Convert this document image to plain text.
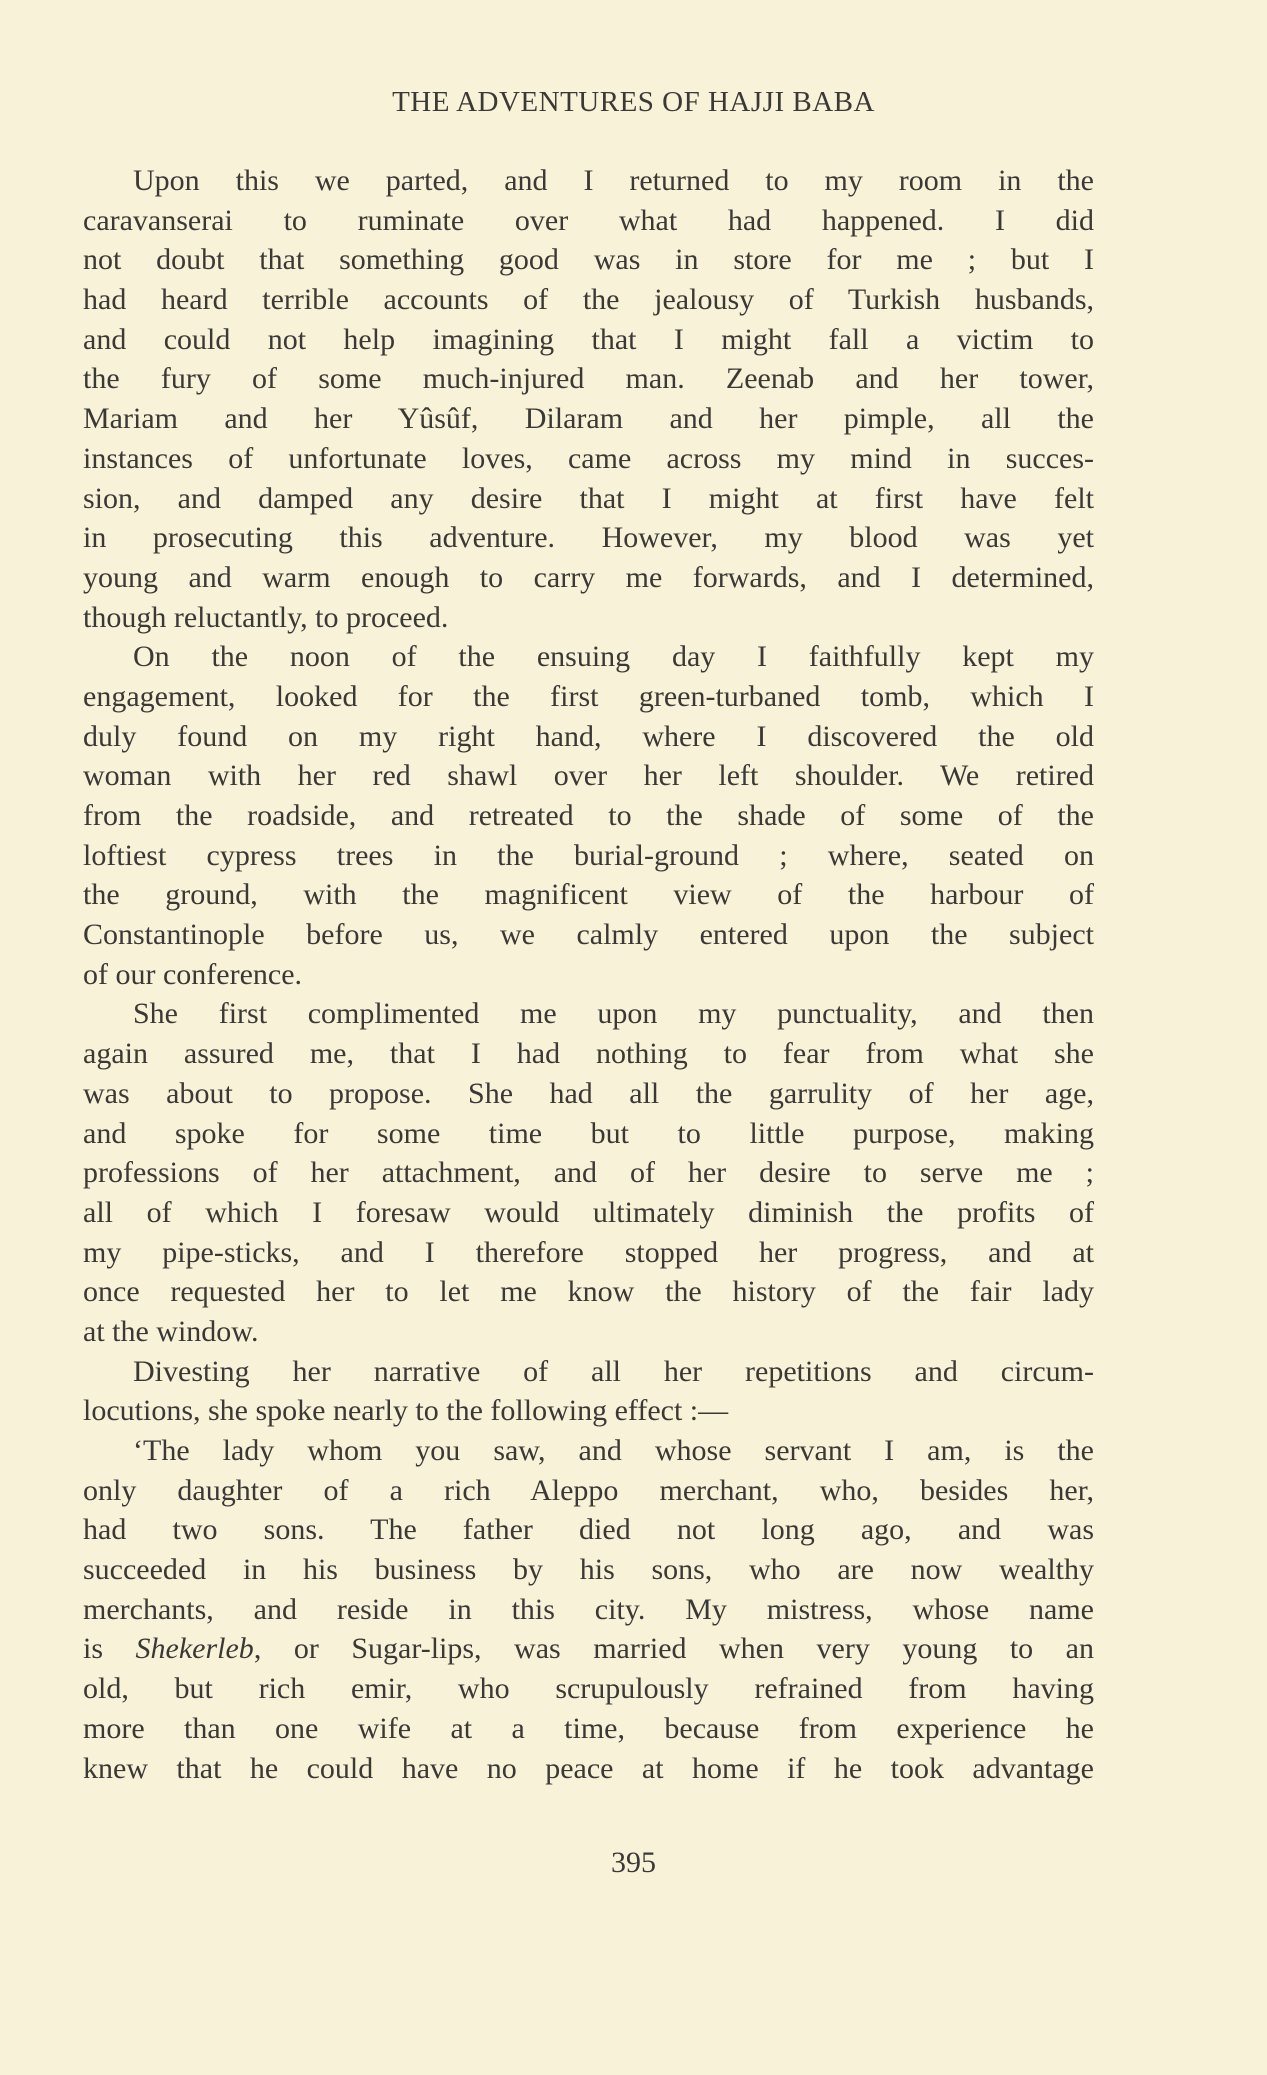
THE ADVENTURES OF HAJJI BABA
Upon this we parted, and I returned to my room in the
caravanserai to ruminate over what had happened. I did
not doubt that something good was in store for me ; but I
had heard terrible accounts of the jealousy of Turkish husbands,
and could not help imagining that I might fall a victim to
the fury of some much-injured man. Zeenab and her tower,
Mariam and her Yûsûf, Dilaram and her pimple, all the
instances of unfortunate loves, came across my mind in succes-
sion, and damped any desire that I might at first have felt
in prosecuting this adventure. However, my blood was yet
young and warm enough to carry me forwards, and I determined,
though reluctantly, to proceed.
On the noon of the ensuing day I faithfully kept my
engagement, looked for the first green-turbaned tomb, which I
duly found on my right hand, where I discovered the old
woman with her red shawl over her left shoulder. We retired
from the roadside, and retreated to the shade of some of the
loftiest cypress trees in the burial-ground ; where, seated on
the ground, with the magnificent view of the harbour of
Constantinople before us, we calmly entered upon the subject
of our conference.
She first complimented me upon my punctuality, and then
again assured me, that I had nothing to fear from what she
was about to propose. She had all the garrulity of her age,
and spoke for some time but to little purpose, making
professions of her attachment, and of her desire to serve me ;
all of which I foresaw would ultimately diminish the profits of
my pipe-sticks, and I therefore stopped her progress, and at
once requested her to let me know the history of the fair lady
at the window.
Divesting her narrative of all her repetitions and circum-
locutions, she spoke nearly to the following effect :—
‘The lady whom you saw, and whose servant I am, is the
only daughter of a rich Aleppo merchant, who, besides her,
had two sons. The father died not long ago, and was
succeeded in his business by his sons, who are now wealthy
merchants, and reside in this city. My mistress, whose name
is Shekerleb, or Sugar-lips, was married when very young to an
old, but rich emir, who scrupulously refrained from having
more than one wife at a time, because from experience he
knew that he could have no peace at home if he took advantage
395
